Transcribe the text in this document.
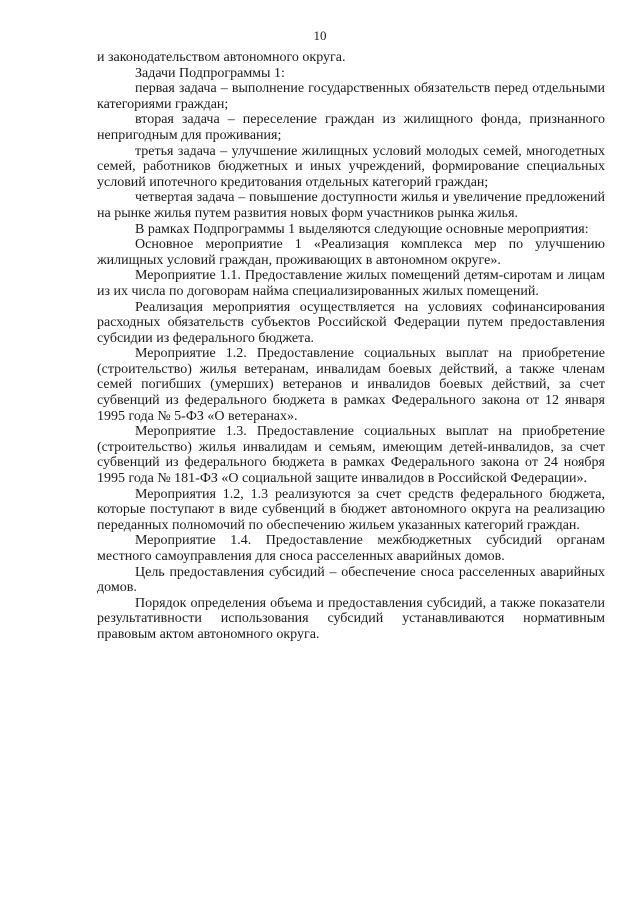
10

и законодательством автономного округа.

Задачи Подпрограммы 1:

первая задача – выполнение государственных обязательств перед отдельными категориями граждан;

вторая задача – переселение граждан из жилищного фонда, признанного непригодным для проживания;

третья задача – улучшение жилищных условий молодых семей, многодетных семей, работников бюджетных и иных учреждений, формирование специальных условий ипотечного кредитования отдельных категорий граждан;

четвертая задача – повышение доступности жилья и увеличение предложений на рынке жилья путем развития новых форм участников рынка жилья.

В рамках Подпрограммы 1 выделяются следующие основные мероприятия:

Основное мероприятие 1 «Реализация комплекса мер по улучшению жилищных условий граждан, проживающих в автономном округе».

Мероприятие 1.1. Предоставление жилых помещений детям-сиротам и лицам из их числа по договорам найма специализированных жилых помещений.

Реализация мероприятия осуществляется на условиях софинансирования расходных обязательств субъектов Российской Федерации путем предоставления субсидии из федерального бюджета.

Мероприятие 1.2. Предоставление социальных выплат на приобретение (строительство) жилья ветеранам, инвалидам боевых действий, а также членам семей погибших (умерших) ветеранов и инвалидов боевых действий, за счет субвенций из федерального бюджета в рамках Федерального закона от 12 января 1995 года № 5-ФЗ «О ветеранах».

Мероприятие 1.3. Предоставление социальных выплат на приобретение (строительство) жилья инвалидам и семьям, имеющим детей-инвалидов, за счет субвенций из федерального бюджета в рамках Федерального закона от 24 ноября 1995 года № 181-ФЗ «О социальной защите инвалидов в Российской Федерации».

Мероприятия 1.2, 1.3 реализуются за счет средств федерального бюджета, которые поступают в виде субвенций в бюджет автономного округа на реализацию переданных полномочий по обеспечению жильем указанных категорий граждан.

Мероприятие 1.4. Предоставление межбюджетных субсидий органам местного самоуправления для сноса расселенных аварийных домов.

Цель предоставления субсидий – обеспечение сноса расселенных аварийных домов.

Порядок определения объема и предоставления субсидий, а также показатели результативности использования субсидий устанавливаются нормативным правовым актом автономного округа.
